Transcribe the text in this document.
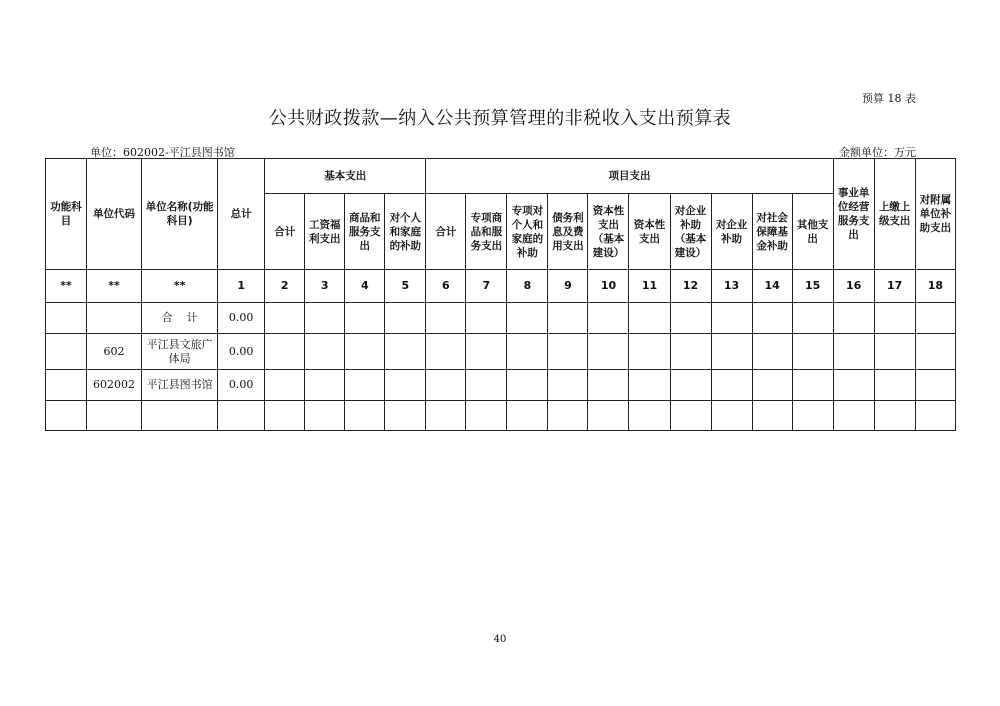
预算 18 表
公共财政拨款—纳入公共预算管理的非税收入支出预算表
单位：602002-平江县图书馆	金额单位：万元
功能科目	单位代码	单位名称(功能科目)	总计	基本支出				项目支出										事业单位经营服务支出	上缴上级支出	对附属单位补助支出
				合计	工资福利支出	商品和服务支出	对个人和家庭的补助	合计	专项商品和服务支出	专项对个人和家庭的补助	债务利息及费用支出	资本性支出（基本建设）	资本性支出	对企业补助（基本建设）	对企业补助	对社会保障基金补助	其他支出			
**	**	**	1	2	3	4	5	6	7	8	9	10	11	12	13	14	15	16	17	18
		合    计	0.00																	
	602	平江县文旅广体局	0.00																	
	602002	平江县图书馆	0.00																	

40
